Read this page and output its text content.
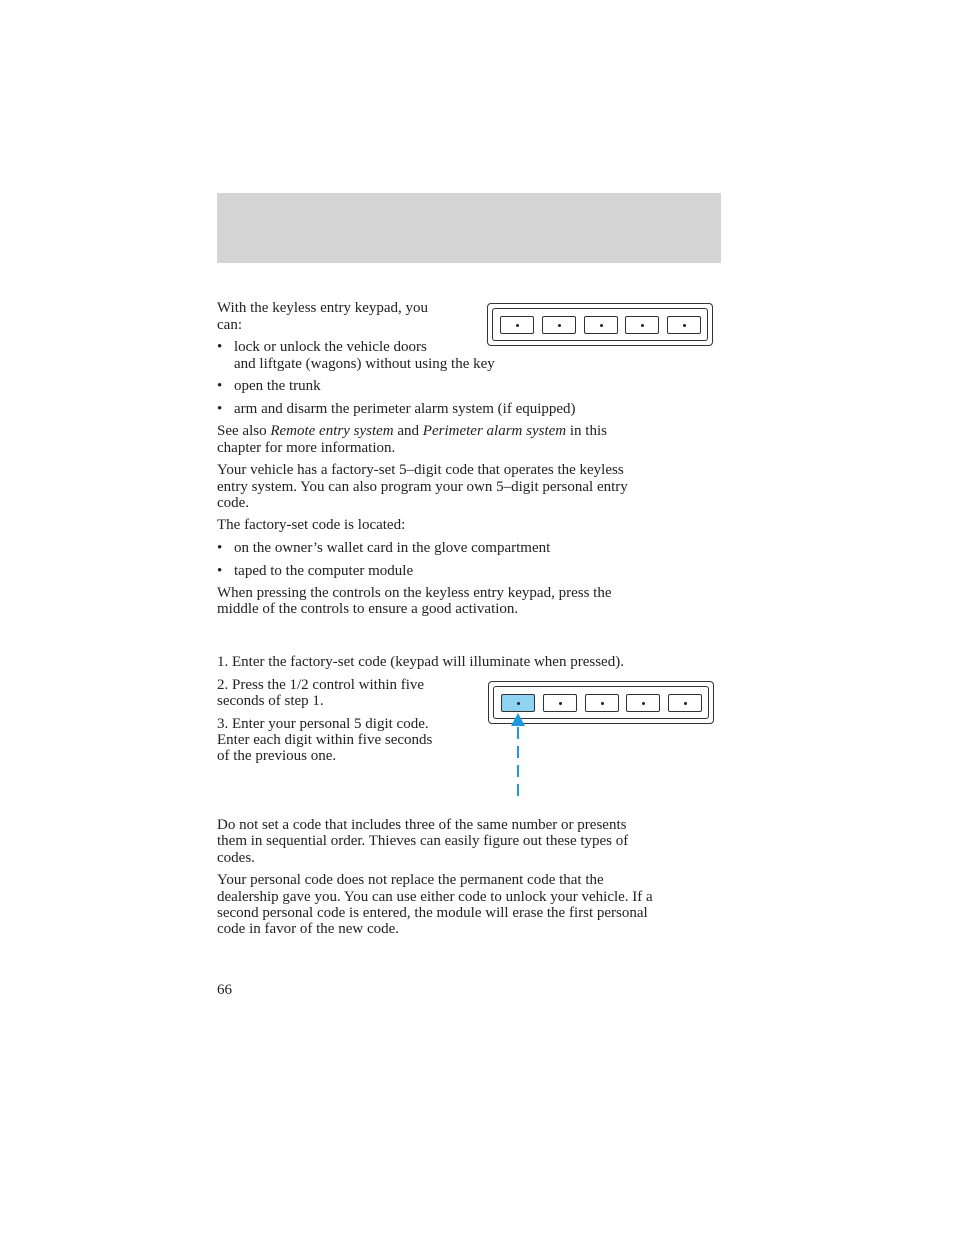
With the keyless entry keypad, you

can:

• lock or unlock the vehicle doors
and liftgate (wagons) without using the key
• open the trunk
• arm and disarm the perimeter alarm system (if equipped)

See also Remote entry system and Perimeter alarm system in this

chapter for more information.

Your vehicle has a factory-set 5–digit code that operates the keyless

entry system. You can also program your own 5–digit personal entry

code.

The factory-set code is located:

• on the owner’s wallet card in the glove compartment
• taped to the computer module

When pressing the controls on the keyless entry keypad, press the

middle of the controls to ensure a good activation.

1. Enter the factory-set code (keypad will illuminate when pressed).

2. Press the 1/2 control within five

seconds of step 1.

3. Enter your personal 5 digit code.

Enter each digit within five seconds

of the previous one.

Do not set a code that includes three of the same number or presents

them in sequential order. Thieves can easily figure out these types of

codes.

Your personal code does not replace the permanent code that the

dealership gave you. You can use either code to unlock your vehicle. If a

second personal code is entered, the module will erase the first personal

code in favor of the new code.

66
